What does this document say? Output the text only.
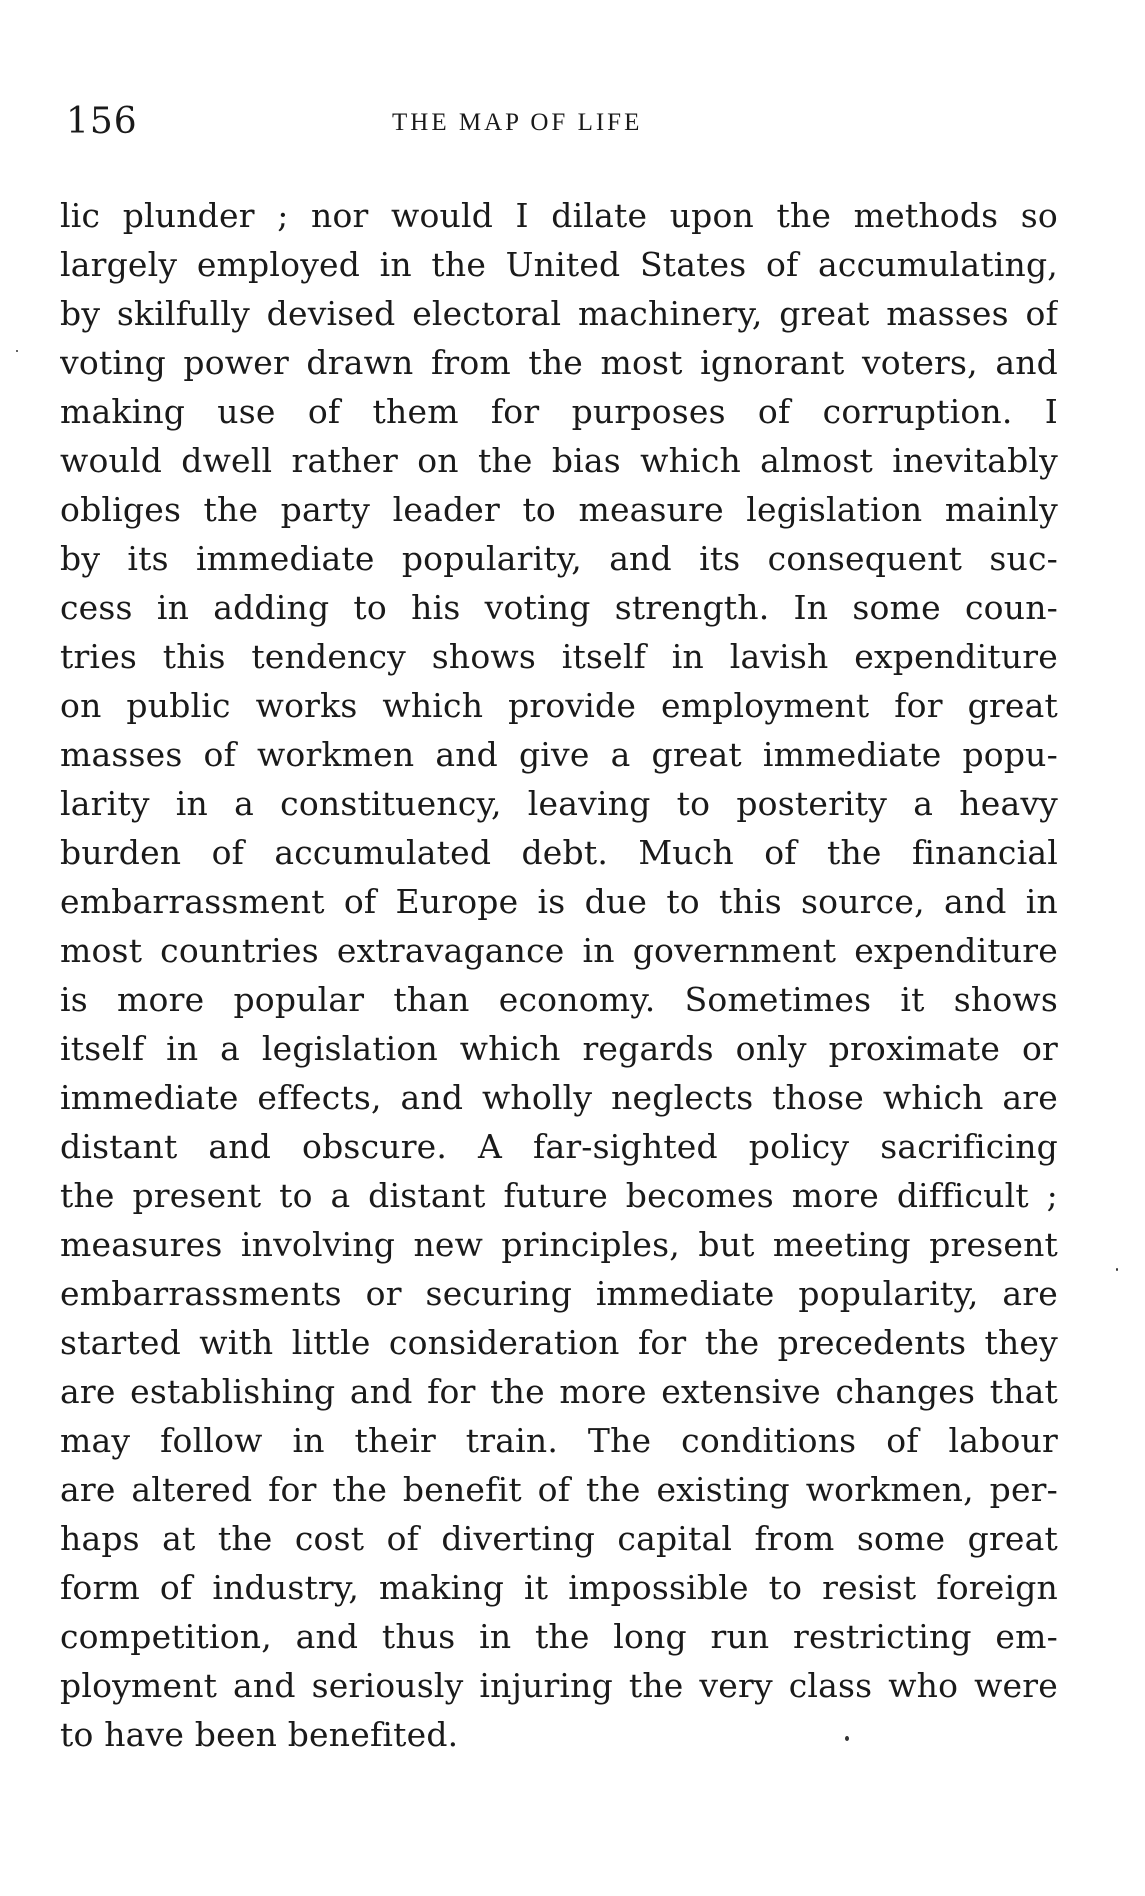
156	THE MAP OF LIFE
lic plunder ; nor would I dilate upon the methods so
largely employed in the United States of accumulating,
by skilfully devised electoral machinery, great masses of
voting power drawn from the most ignorant voters, and
making use of them for purposes of corruption. I
would dwell rather on the bias which almost inevitably
obliges the party leader to measure legislation mainly
by its immediate popularity, and its consequent suc-
cess in adding to his voting strength. In some coun-
tries this tendency shows itself in lavish expenditure
on public works which provide employment for great
masses of workmen and give a great immediate popu-
larity in a constituency, leaving to posterity a heavy
burden of accumulated debt. Much of the financial
embarrassment of Europe is due to this source, and in
most countries extravagance in government expenditure
is more popular than economy. Sometimes it shows
itself in a legislation which regards only proximate or
immediate effects, and wholly neglects those which are
distant and obscure. A far-sighted policy sacrificing
the present to a distant future becomes more difficult ;
measures involving new principles, but meeting present
embarrassments or securing immediate popularity, are
started with little consideration for the precedents they
are establishing and for the more extensive changes that
may follow in their train. The conditions of labour
are altered for the benefit of the existing workmen, per-
haps at the cost of diverting capital from some great
form of industry, making it impossible to resist foreign
competition, and thus in the long run restricting em-
ployment and seriously injuring the very class who were
to have been benefited.
